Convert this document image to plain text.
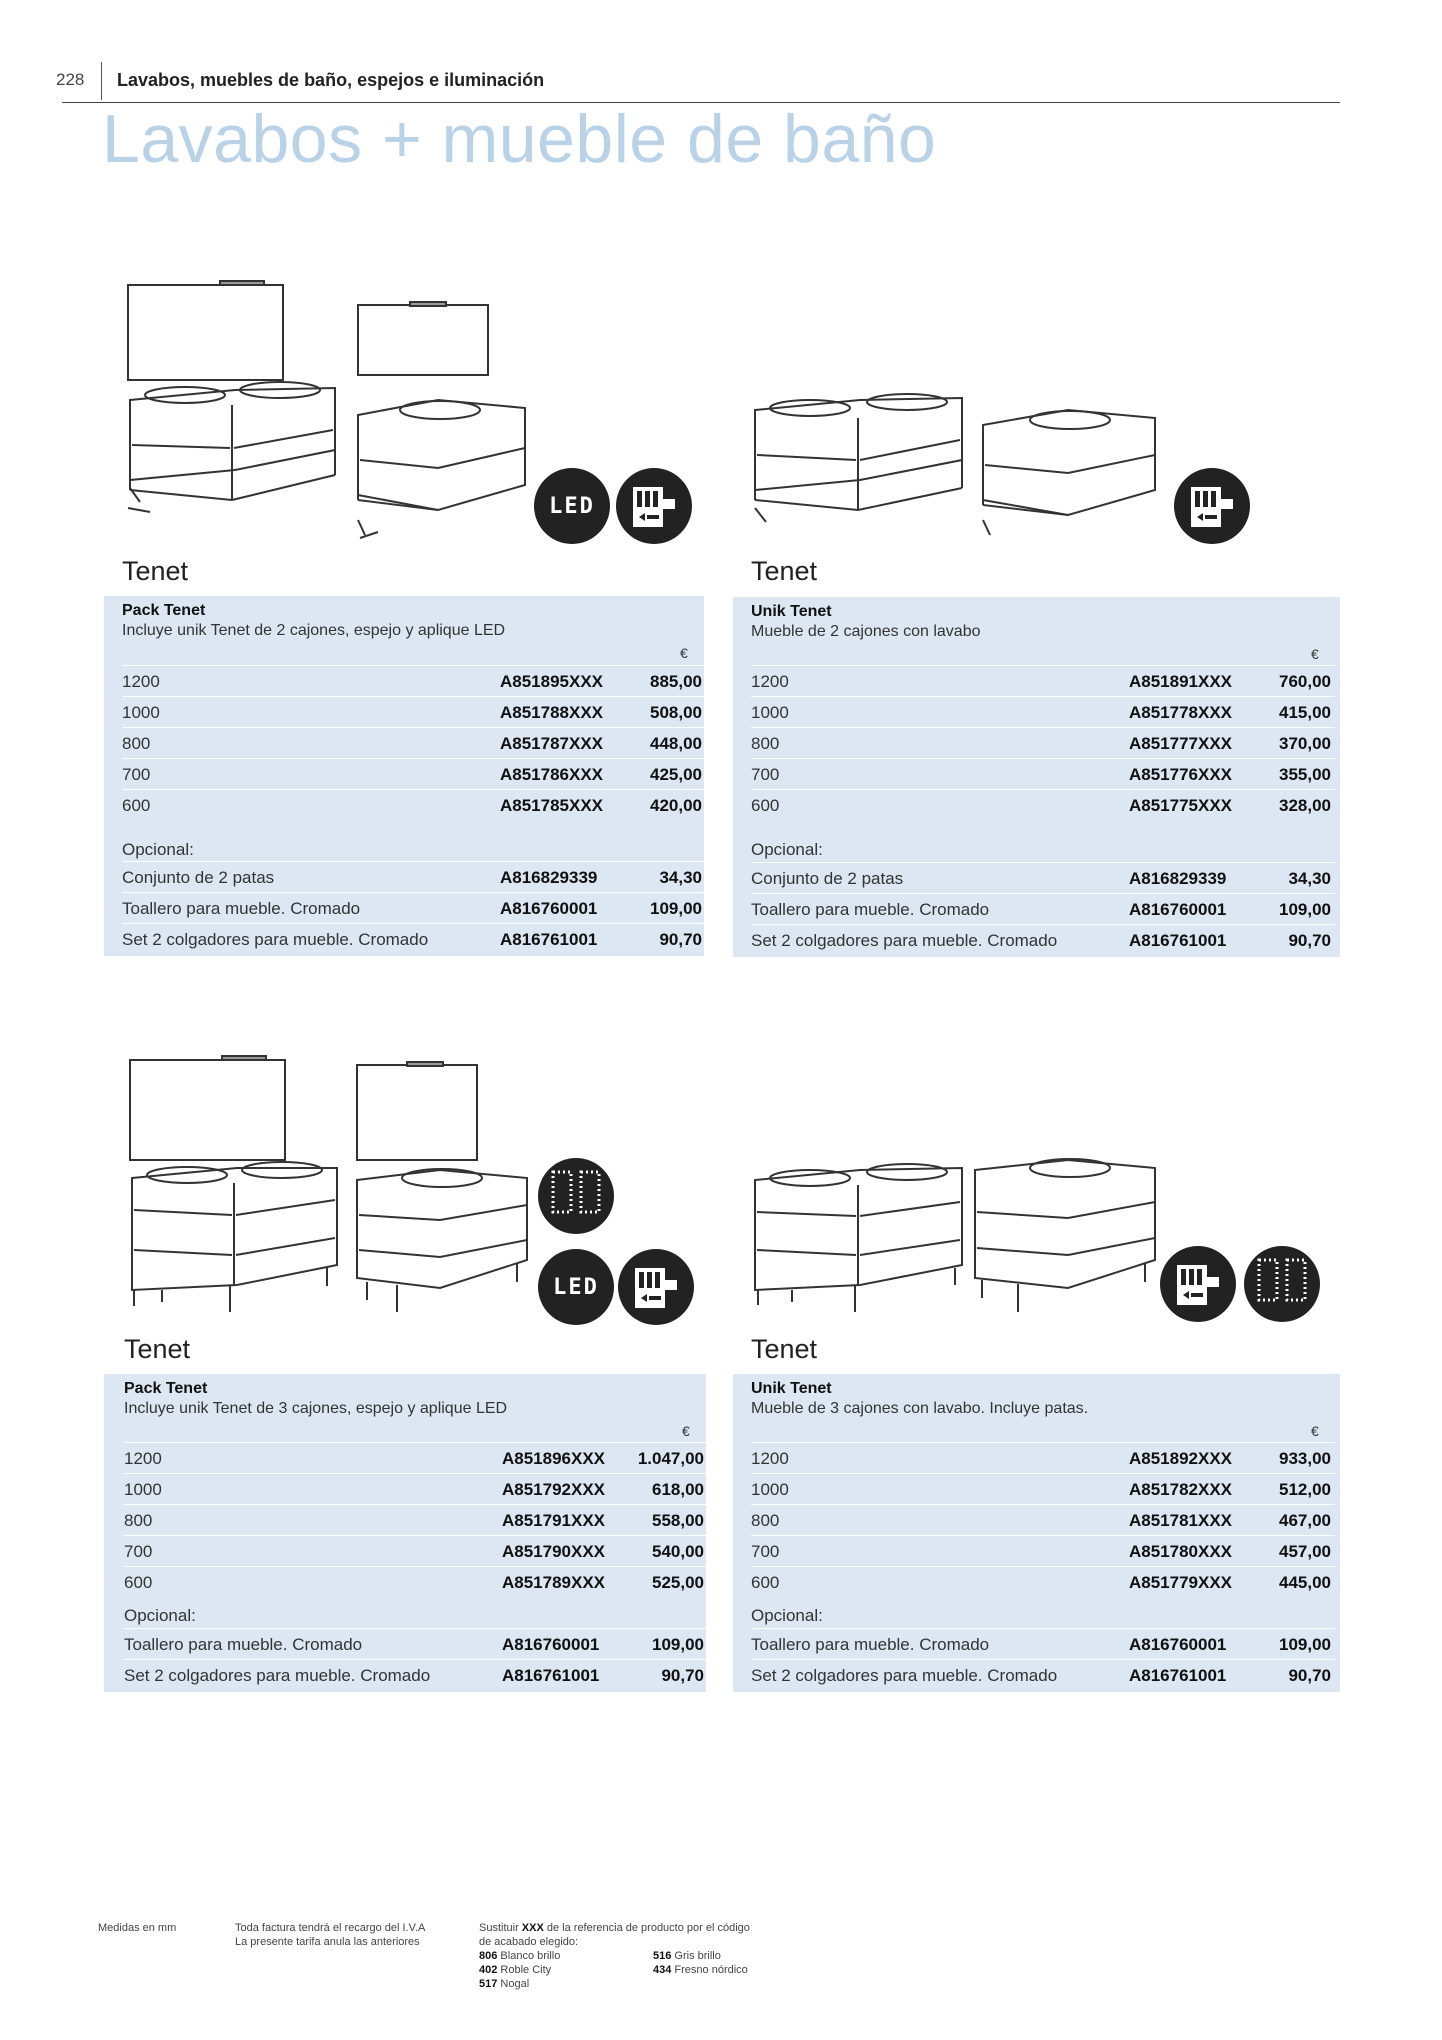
228 Lavabos, muebles de baño, espejos e iluminación
Lavabos + mueble de baño
LED
Tenet
Pack Tenet
Incluye unik Tenet de 2 cajones, espejo y aplique LED
€
1200	A851895XXX	885,00
1000	A851788XXX	508,00
800	A851787XXX	448,00
700	A851786XXX	425,00
600	A851785XXX	420,00
Opcional:
Conjunto de 2 patas	A816829339	34,30
Toallero para mueble. Cromado	A816760001	109,00
Set 2 colgadores para mueble. Cromado	A816761001	90,70
Tenet
Unik Tenet
Mueble de 2 cajones con lavabo
€
1200	A851891XXX	760,00
1000	A851778XXX	415,00
800	A851777XXX	370,00
700	A851776XXX	355,00
600	A851775XXX	328,00
Opcional:
Conjunto de 2 patas	A816829339	34,30
Toallero para mueble. Cromado	A816760001	109,00
Set 2 colgadores para mueble. Cromado	A816761001	90,70
LED
Tenet
Pack Tenet
Incluye unik Tenet de 3 cajones, espejo y aplique LED
€
1200	A851896XXX 1.047,00
1000	A851792XXX	618,00
800	A851791XXX	558,00
700	A851790XXX	540,00
600	A851789XXX	525,00
Opcional:
Toallero para mueble. Cromado	A816760001	109,00
Set 2 colgadores para mueble. Cromado	A816761001	90,70
Tenet
Unik Tenet
Mueble de 3 cajones con lavabo. Incluye patas.
€
1200	A851892XXX	933,00
1000	A851782XXX	512,00
800	A851781XXX	467,00
700	A851780XXX	457,00
600	A851779XXX	445,00
Opcional:
Toallero para mueble. Cromado	A816760001	109,00
Set 2 colgadores para mueble. Cromado	A816761001	90,70
Medidas en mm	Toda factura tendrá el recargo del I.V.A
La presente tarifa anula las anteriores
Sustituir XXX de la referencia de producto por el código
de acabado elegido:
806 Blanco brillo
402 Roble City
517 Nogal
516 Gris brillo
434 Fresno nórdico
